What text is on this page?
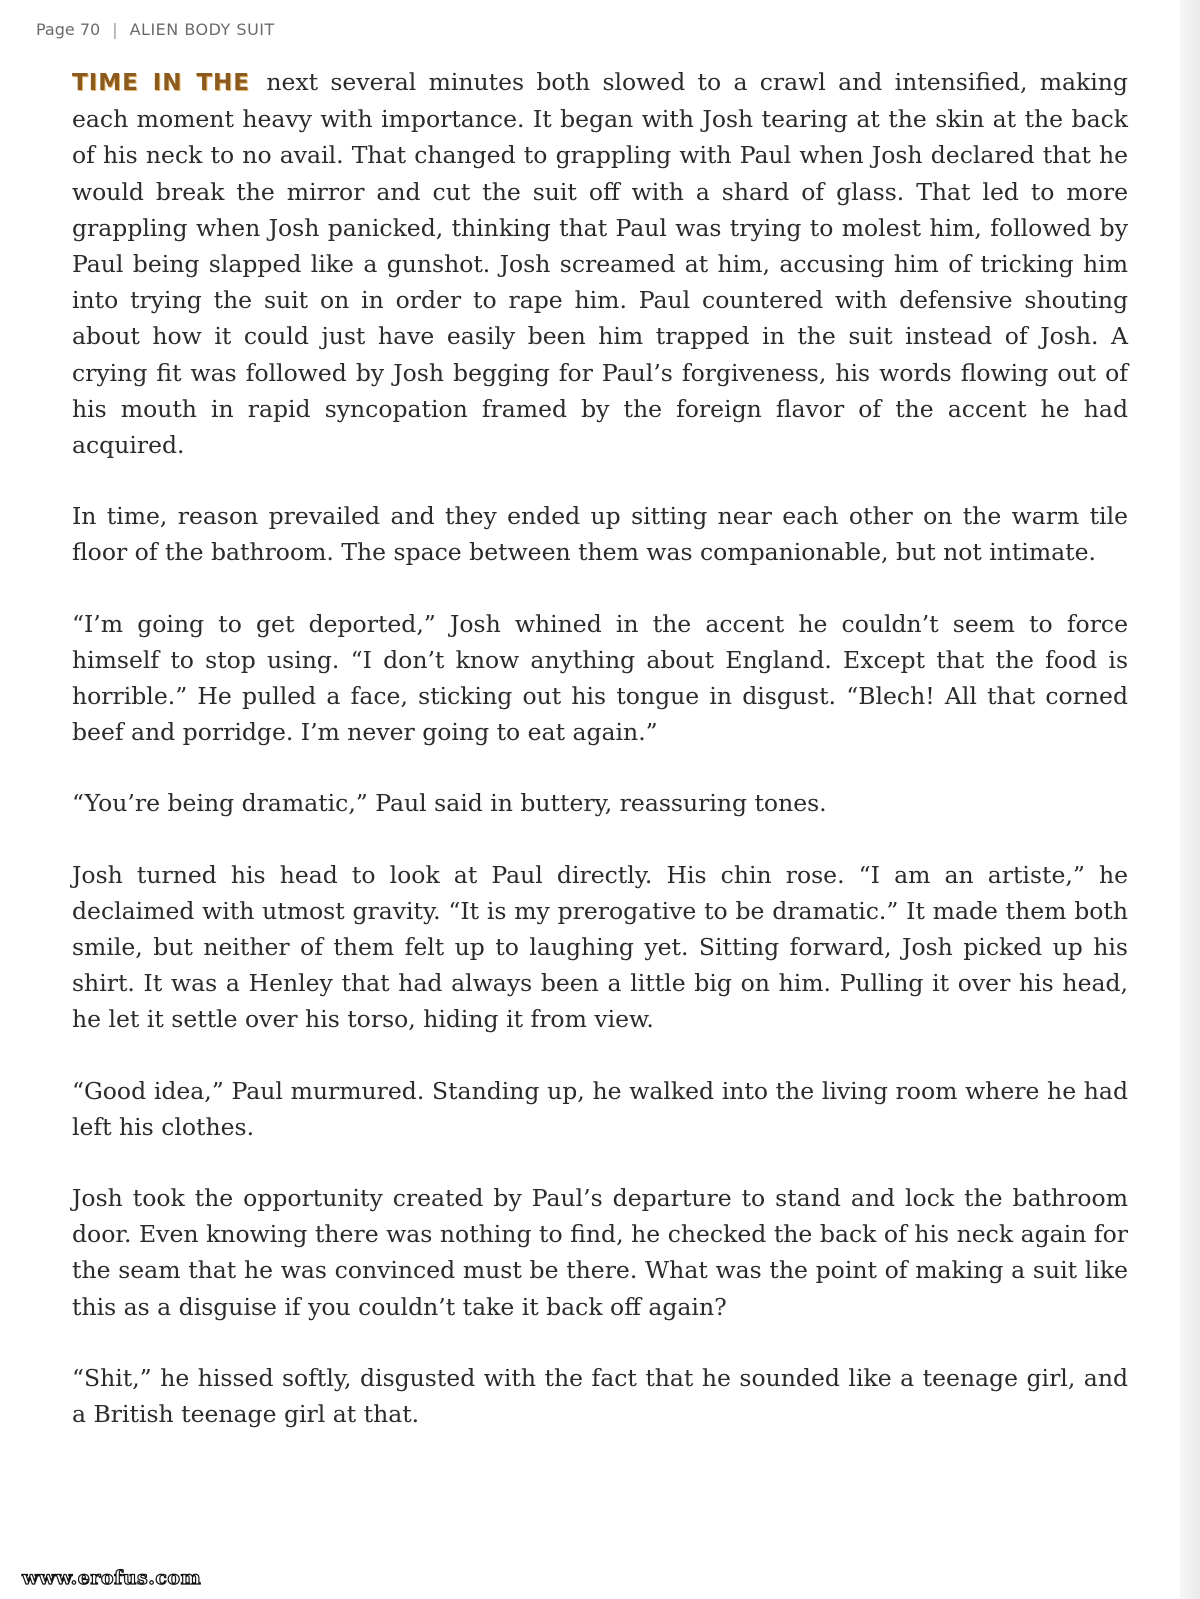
Page 70 | ALIEN BODY SUIT

TIME IN THE next several minutes both slowed to a crawl and intensified, making each moment heavy with importance. It began with Josh tearing at the skin at the back of his neck to no avail. That changed to grappling with Paul when Josh declared that he would break the mirror and cut the suit off with a shard of glass. That led to more grappling when Josh panicked, thinking that Paul was trying to molest him, followed by Paul being slapped like a gunshot. Josh screamed at him, accusing him of tricking him into trying the suit on in order to rape him. Paul countered with defensive shouting about how it could just have easily been him trapped in the suit instead of Josh. A crying fit was followed by Josh begging for Paul’s forgiveness, his words flowing out of his mouth in rapid syncopation framed by the foreign flavor of the accent he had acquired.

In time, reason prevailed and they ended up sitting near each other on the warm tile floor of the bathroom. The space between them was companionable, but not intimate.

“I’m going to get deported,” Josh whined in the accent he couldn’t seem to force himself to stop using. “I don’t know anything about England. Except that the food is horrible.” He pulled a face, sticking out his tongue in disgust. “Blech! All that corned beef and porridge. I’m never going to eat again.”

“You’re being dramatic,” Paul said in buttery, reassuring tones.

Josh turned his head to look at Paul directly. His chin rose. “I am an artiste,” he declaimed with utmost gravity. “It is my prerogative to be dramatic.” It made them both smile, but neither of them felt up to laughing yet. Sitting forward, Josh picked up his shirt. It was a Henley that had always been a little big on him. Pulling it over his head, he let it settle over his torso, hiding it from view.

“Good idea,” Paul murmured. Standing up, he walked into the living room where he had left his clothes.

Josh took the opportunity created by Paul’s departure to stand and lock the bathroom door. Even knowing there was nothing to find, he checked the back of his neck again for the seam that he was convinced must be there. What was the point of making a suit like this as a disguise if you couldn’t take it back off again?

“Shit,” he hissed softly, disgusted with the fact that he sounded like a teenage girl, and a British teenage girl at that.

www.erofus.com
